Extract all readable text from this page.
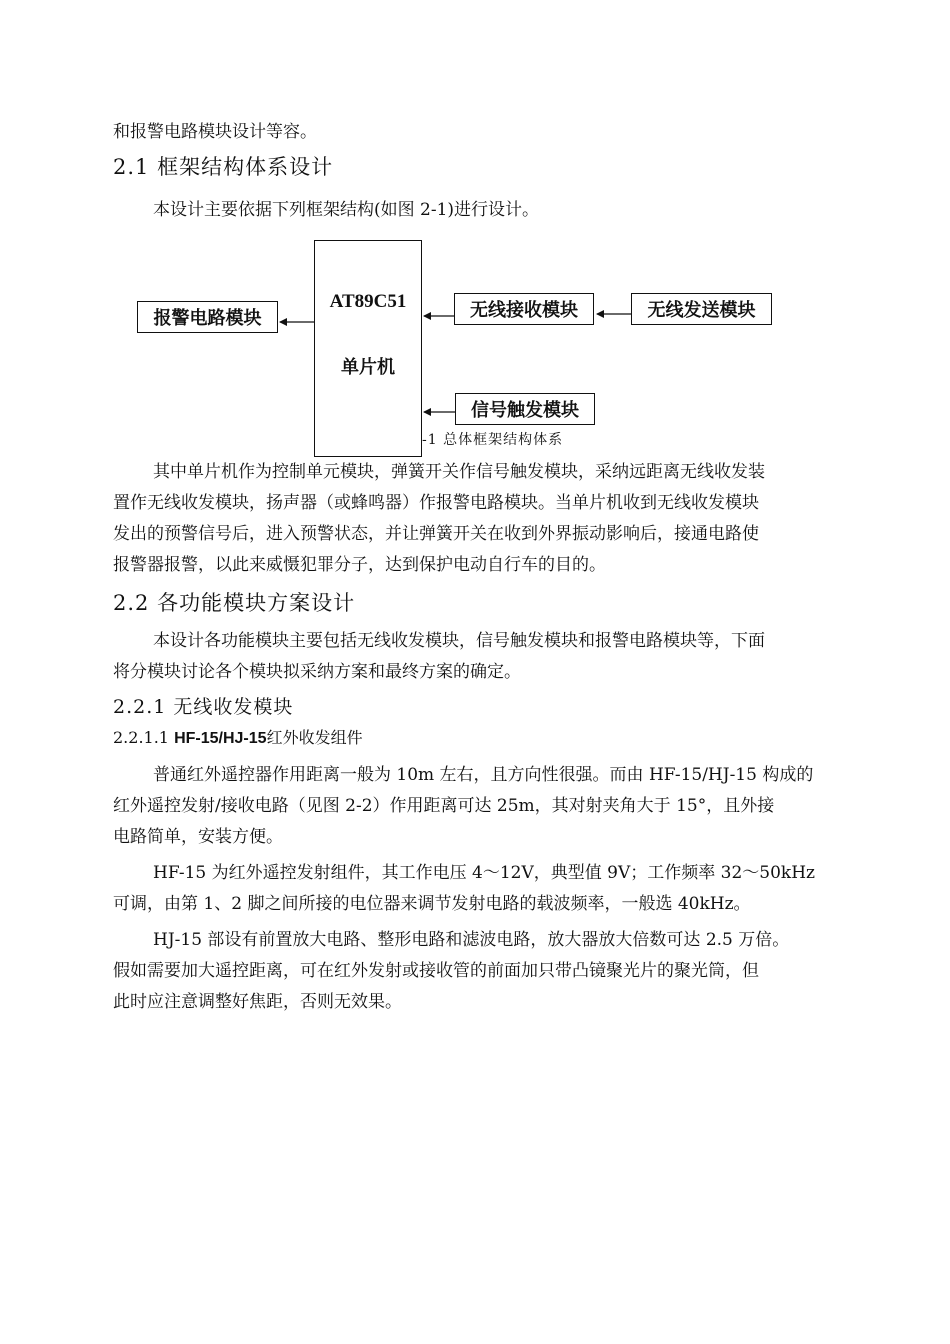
和报警电路模块设计等容。
2.1 框架结构体系设计
本设计主要依据下列框架结构(如图 2-1)进行设计。
AT89C51
单片机
报警电路模块	无线接收模块	无线发送模块
信号触发模块
-1 总体框架结构体系
其中单片机作为控制单元模块，弹簧开关作信号触发模块，采纳远距离无线收发装
置作无线收发模块，扬声器（或蜂鸣器）作报警电路模块。当单片机收到无线收发模块
发出的预警信号后，进入预警状态，并让弹簧开关在收到外界振动影响后，接通电路使
报警器报警，以此来威慑犯罪分子，达到保护电动自行车的目的。
2.2 各功能模块方案设计
本设计各功能模块主要包括无线收发模块，信号触发模块和报警电路模块等，下面
将分模块讨论各个模块拟采纳方案和最终方案的确定。
2.2.1 无线收发模块
2.2.1.1 HF-15/HJ-15红外收发组件
普通红外遥控器作用距离一般为 10m 左右，且方向性很强。而由 HF-15/HJ-15 构成的
红外遥控发射/接收电路（见图 2-2）作用距离可达 25m，其对射夹角大于 15°，且外接
电路简单，安装方便。
HF-15 为红外遥控发射组件，其工作电压 4～12V，典型值 9V；工作频率 32～50kHz
可调，由第 1、2 脚之间所接的电位器来调节发射电路的载波频率，一般选 40kHz。
HJ-15 部设有前置放大电路、整形电路和滤波电路，放大器放大倍数可达 2.5 万倍。
假如需要加大遥控距离，可在红外发射或接收管的前面加只带凸镜聚光片的聚光筒，但
此时应注意调整好焦距，否则无效果。
